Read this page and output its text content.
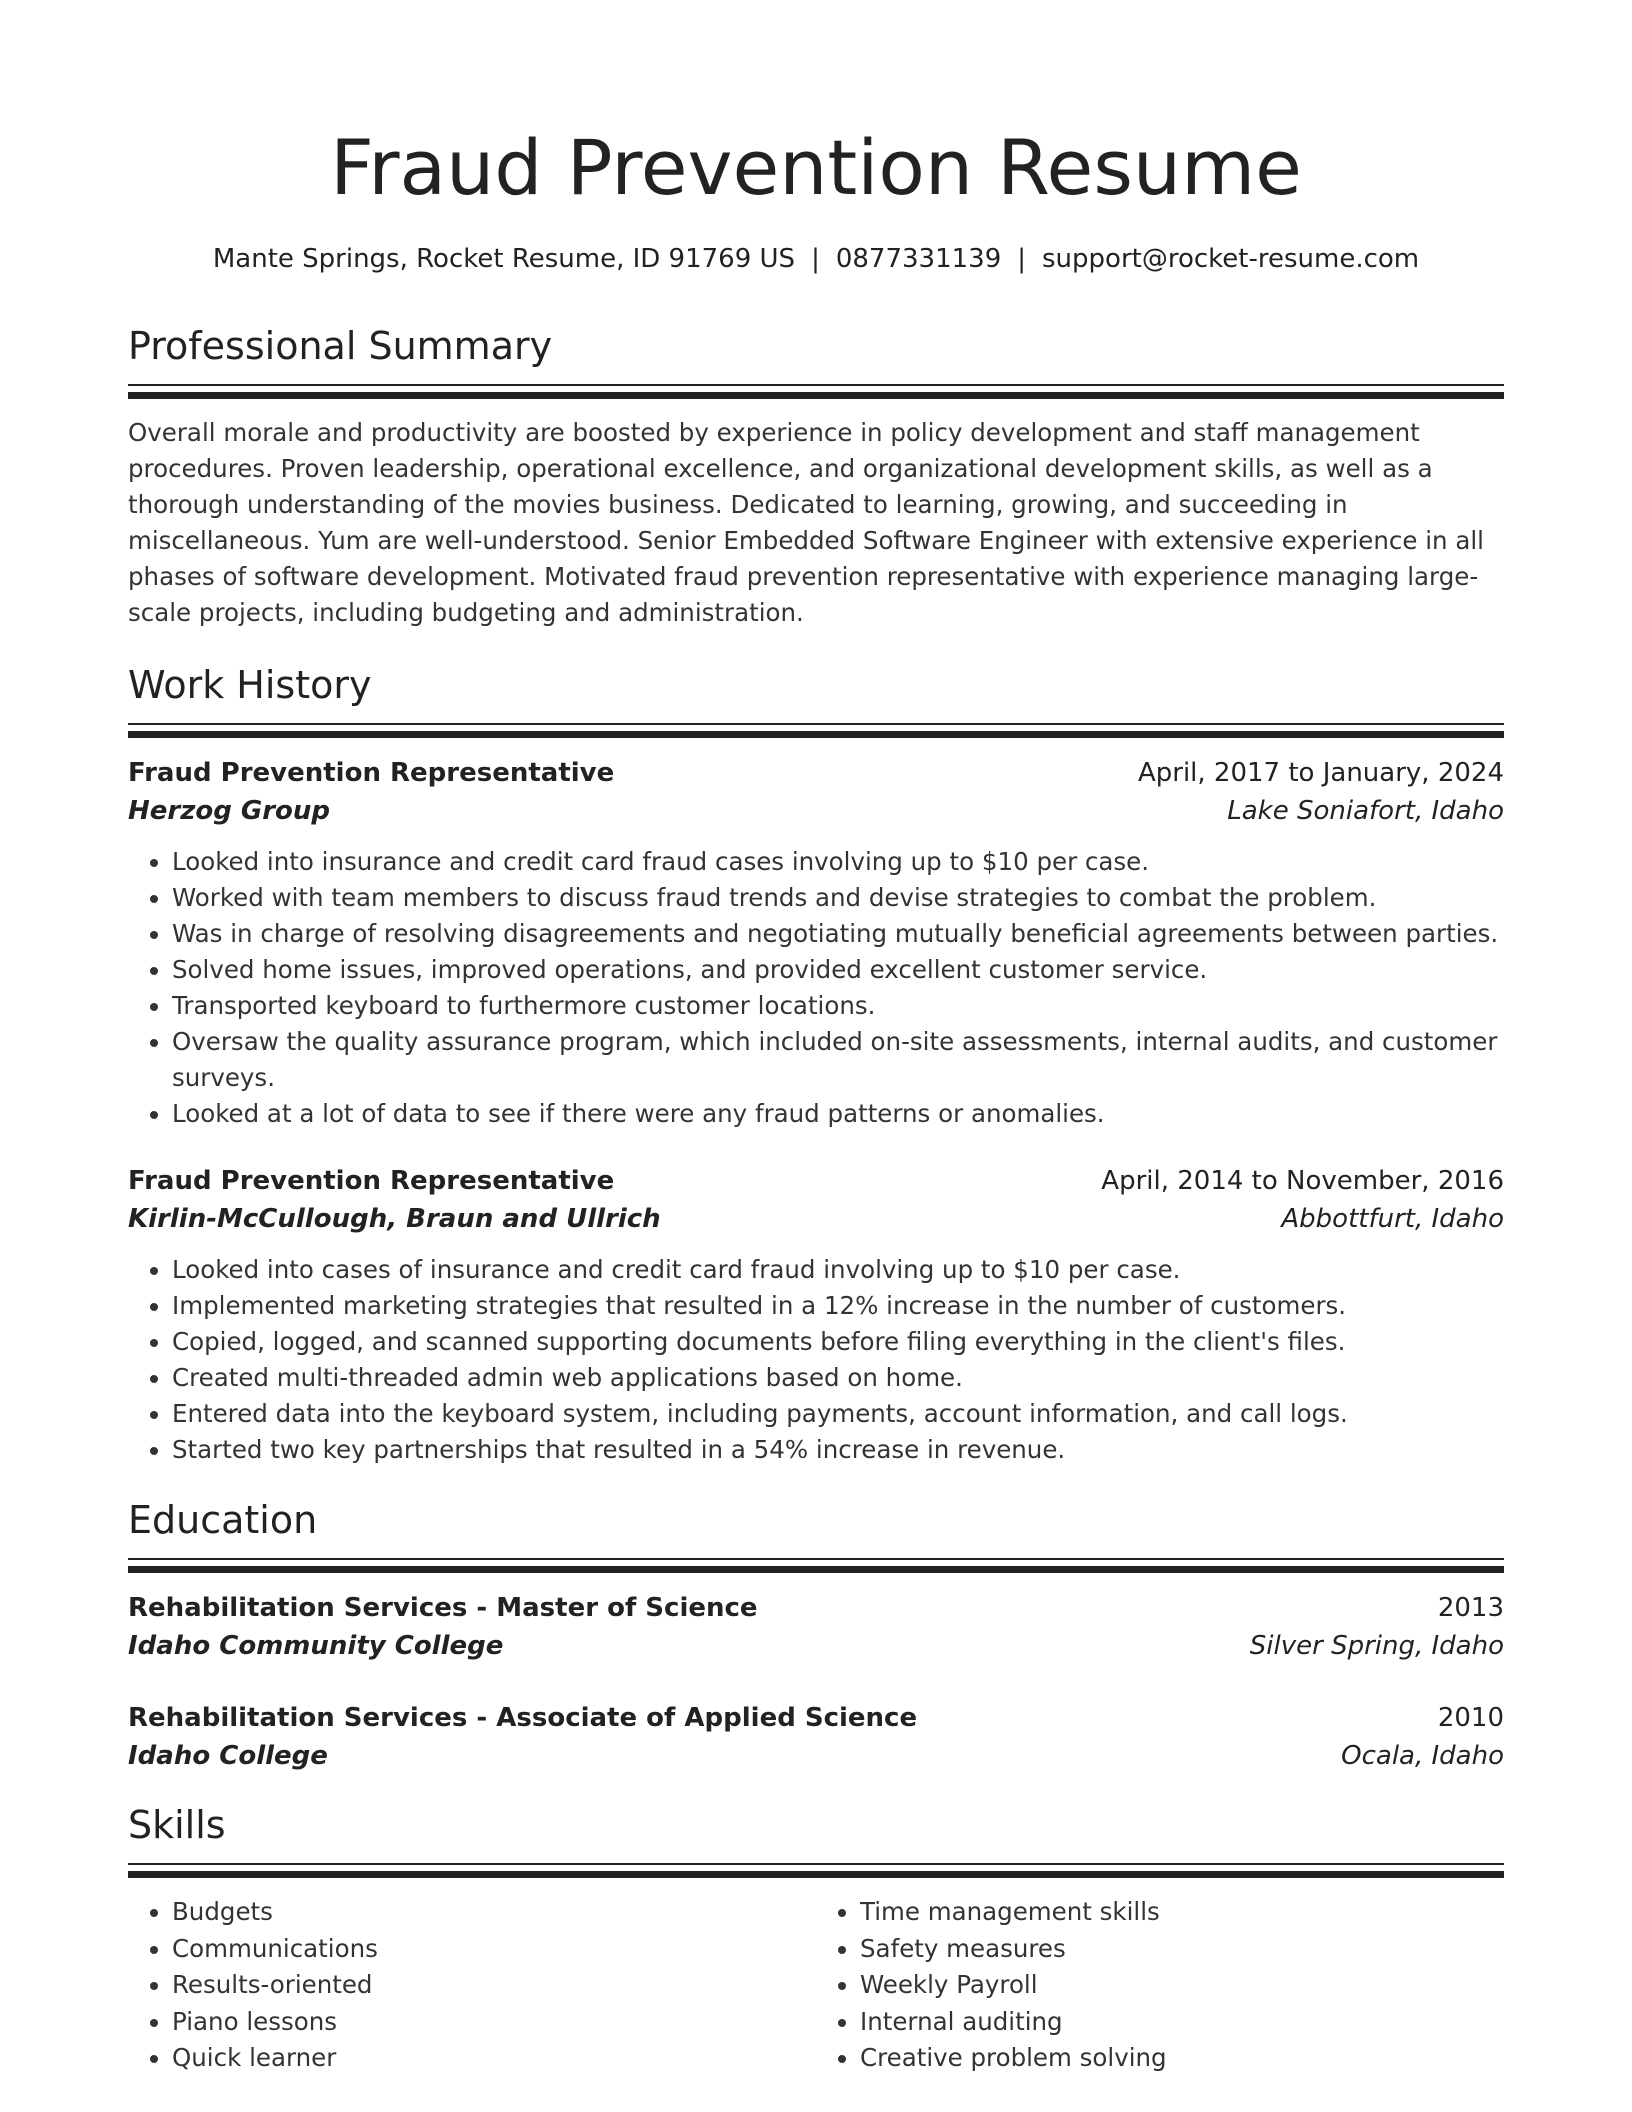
Fraud Prevention Resume
Mante Springs, Rocket Resume, ID 91769 US | 0877331139 | support@rocket-resume.com
Professional Summary

Overall morale and productivity are boosted by experience in policy development and staff management procedures. Proven leadership, operational excellence, and organizational development skills, as well as a thorough understanding of the movies business. Dedicated to learning, growing, and succeeding in miscellaneous. Yum are well-understood. Senior Embedded Software Engineer with extensive experience in all phases of software development. Motivated fraud prevention representative with experience managing large-scale projects, including budgeting and administration.

Work History
Fraud Prevention Representative	April, 2017 to January, 2024
Herzog Group	Lake Soniafort, Idaho
• Looked into insurance and credit card fraud cases involving up to $10 per case.
• Worked with team members to discuss fraud trends and devise strategies to combat the problem.
• Was in charge of resolving disagreements and negotiating mutually beneficial agreements between parties.
• Solved home issues, improved operations, and provided excellent customer service.
• Transported keyboard to furthermore customer locations.
• Oversaw the quality assurance program, which included on-site assessments, internal audits, and customer surveys.
• Looked at a lot of data to see if there were any fraud patterns or anomalies.
Fraud Prevention Representative	April, 2014 to November, 2016
Kirlin-McCullough, Braun and Ullrich	Abbottfurt, Idaho
• Looked into cases of insurance and credit card fraud involving up to $10 per case.
• Implemented marketing strategies that resulted in a 12% increase in the number of customers.
• Copied, logged, and scanned supporting documents before filing everything in the client's files.
• Created multi-threaded admin web applications based on home.
• Entered data into the keyboard system, including payments, account information, and call logs.
• Started two key partnerships that resulted in a 54% increase in revenue.
Education
Rehabilitation Services - Master of Science	2013
Idaho Community College	Silver Spring, Idaho
Rehabilitation Services - Associate of Applied Science	2010
Idaho College	Ocala, Idaho
Skills
• Budgets
• Communications
• Results-oriented
• Piano lessons
• Quick learner
• Time management skills
• Safety measures
• Weekly Payroll
• Internal auditing
• Creative problem solving
